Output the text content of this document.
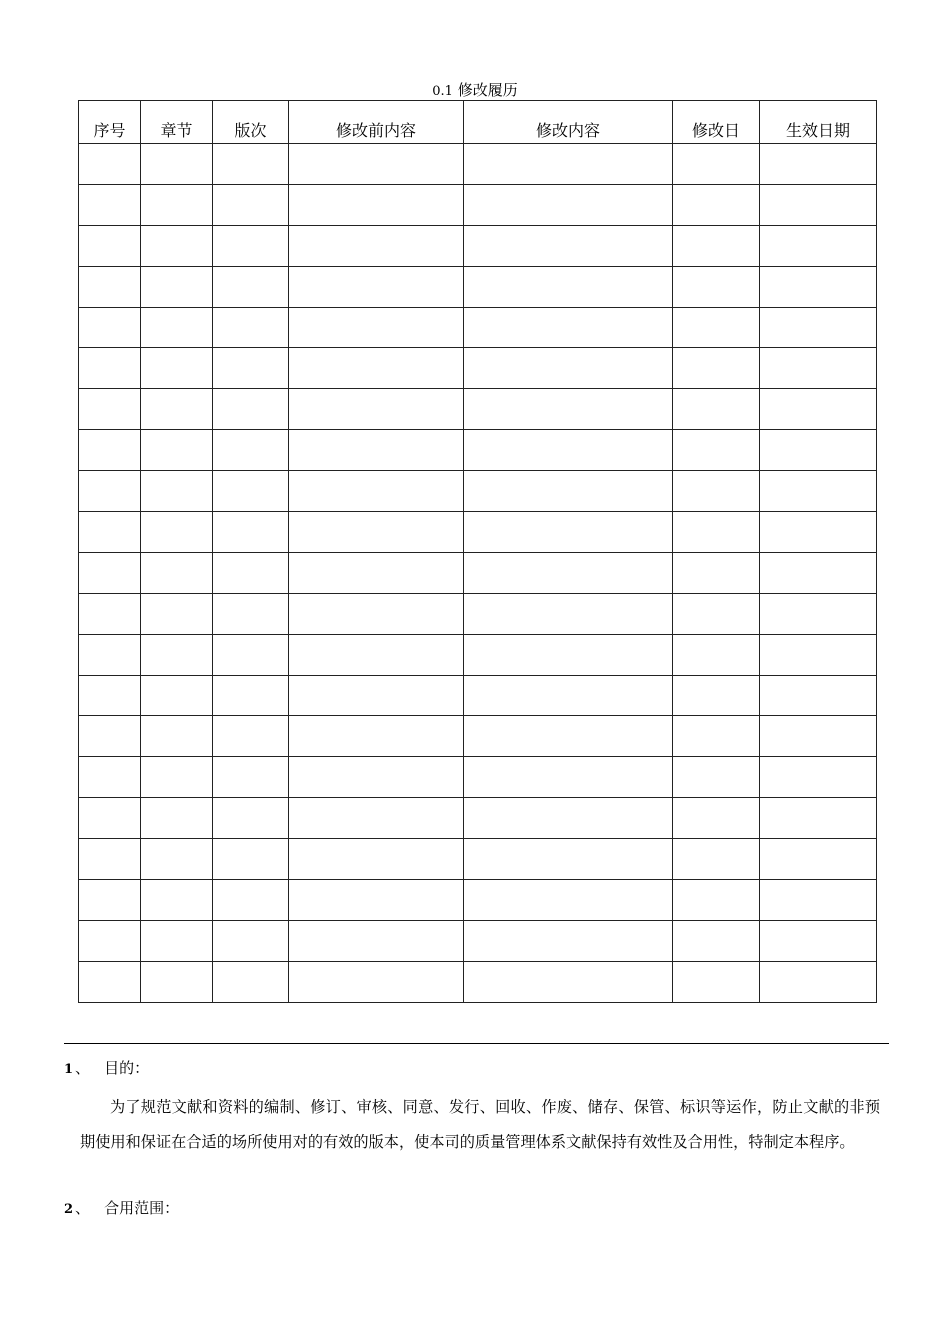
0.1 修改履历
序号	章节	版次	修改前内容	修改内容	修改日	生效日期

1 、 目的：
为了规范文献和资料的编制、修订、审核、同意、发行、回收、作废、储存、保管、标识等运作，防止文献的非预期使用和保证在合适的场所使用对的有效的版本，使本司的质量管理体系文献保持有效性及合用性，特制定本程序。
2 、 合用范围：
